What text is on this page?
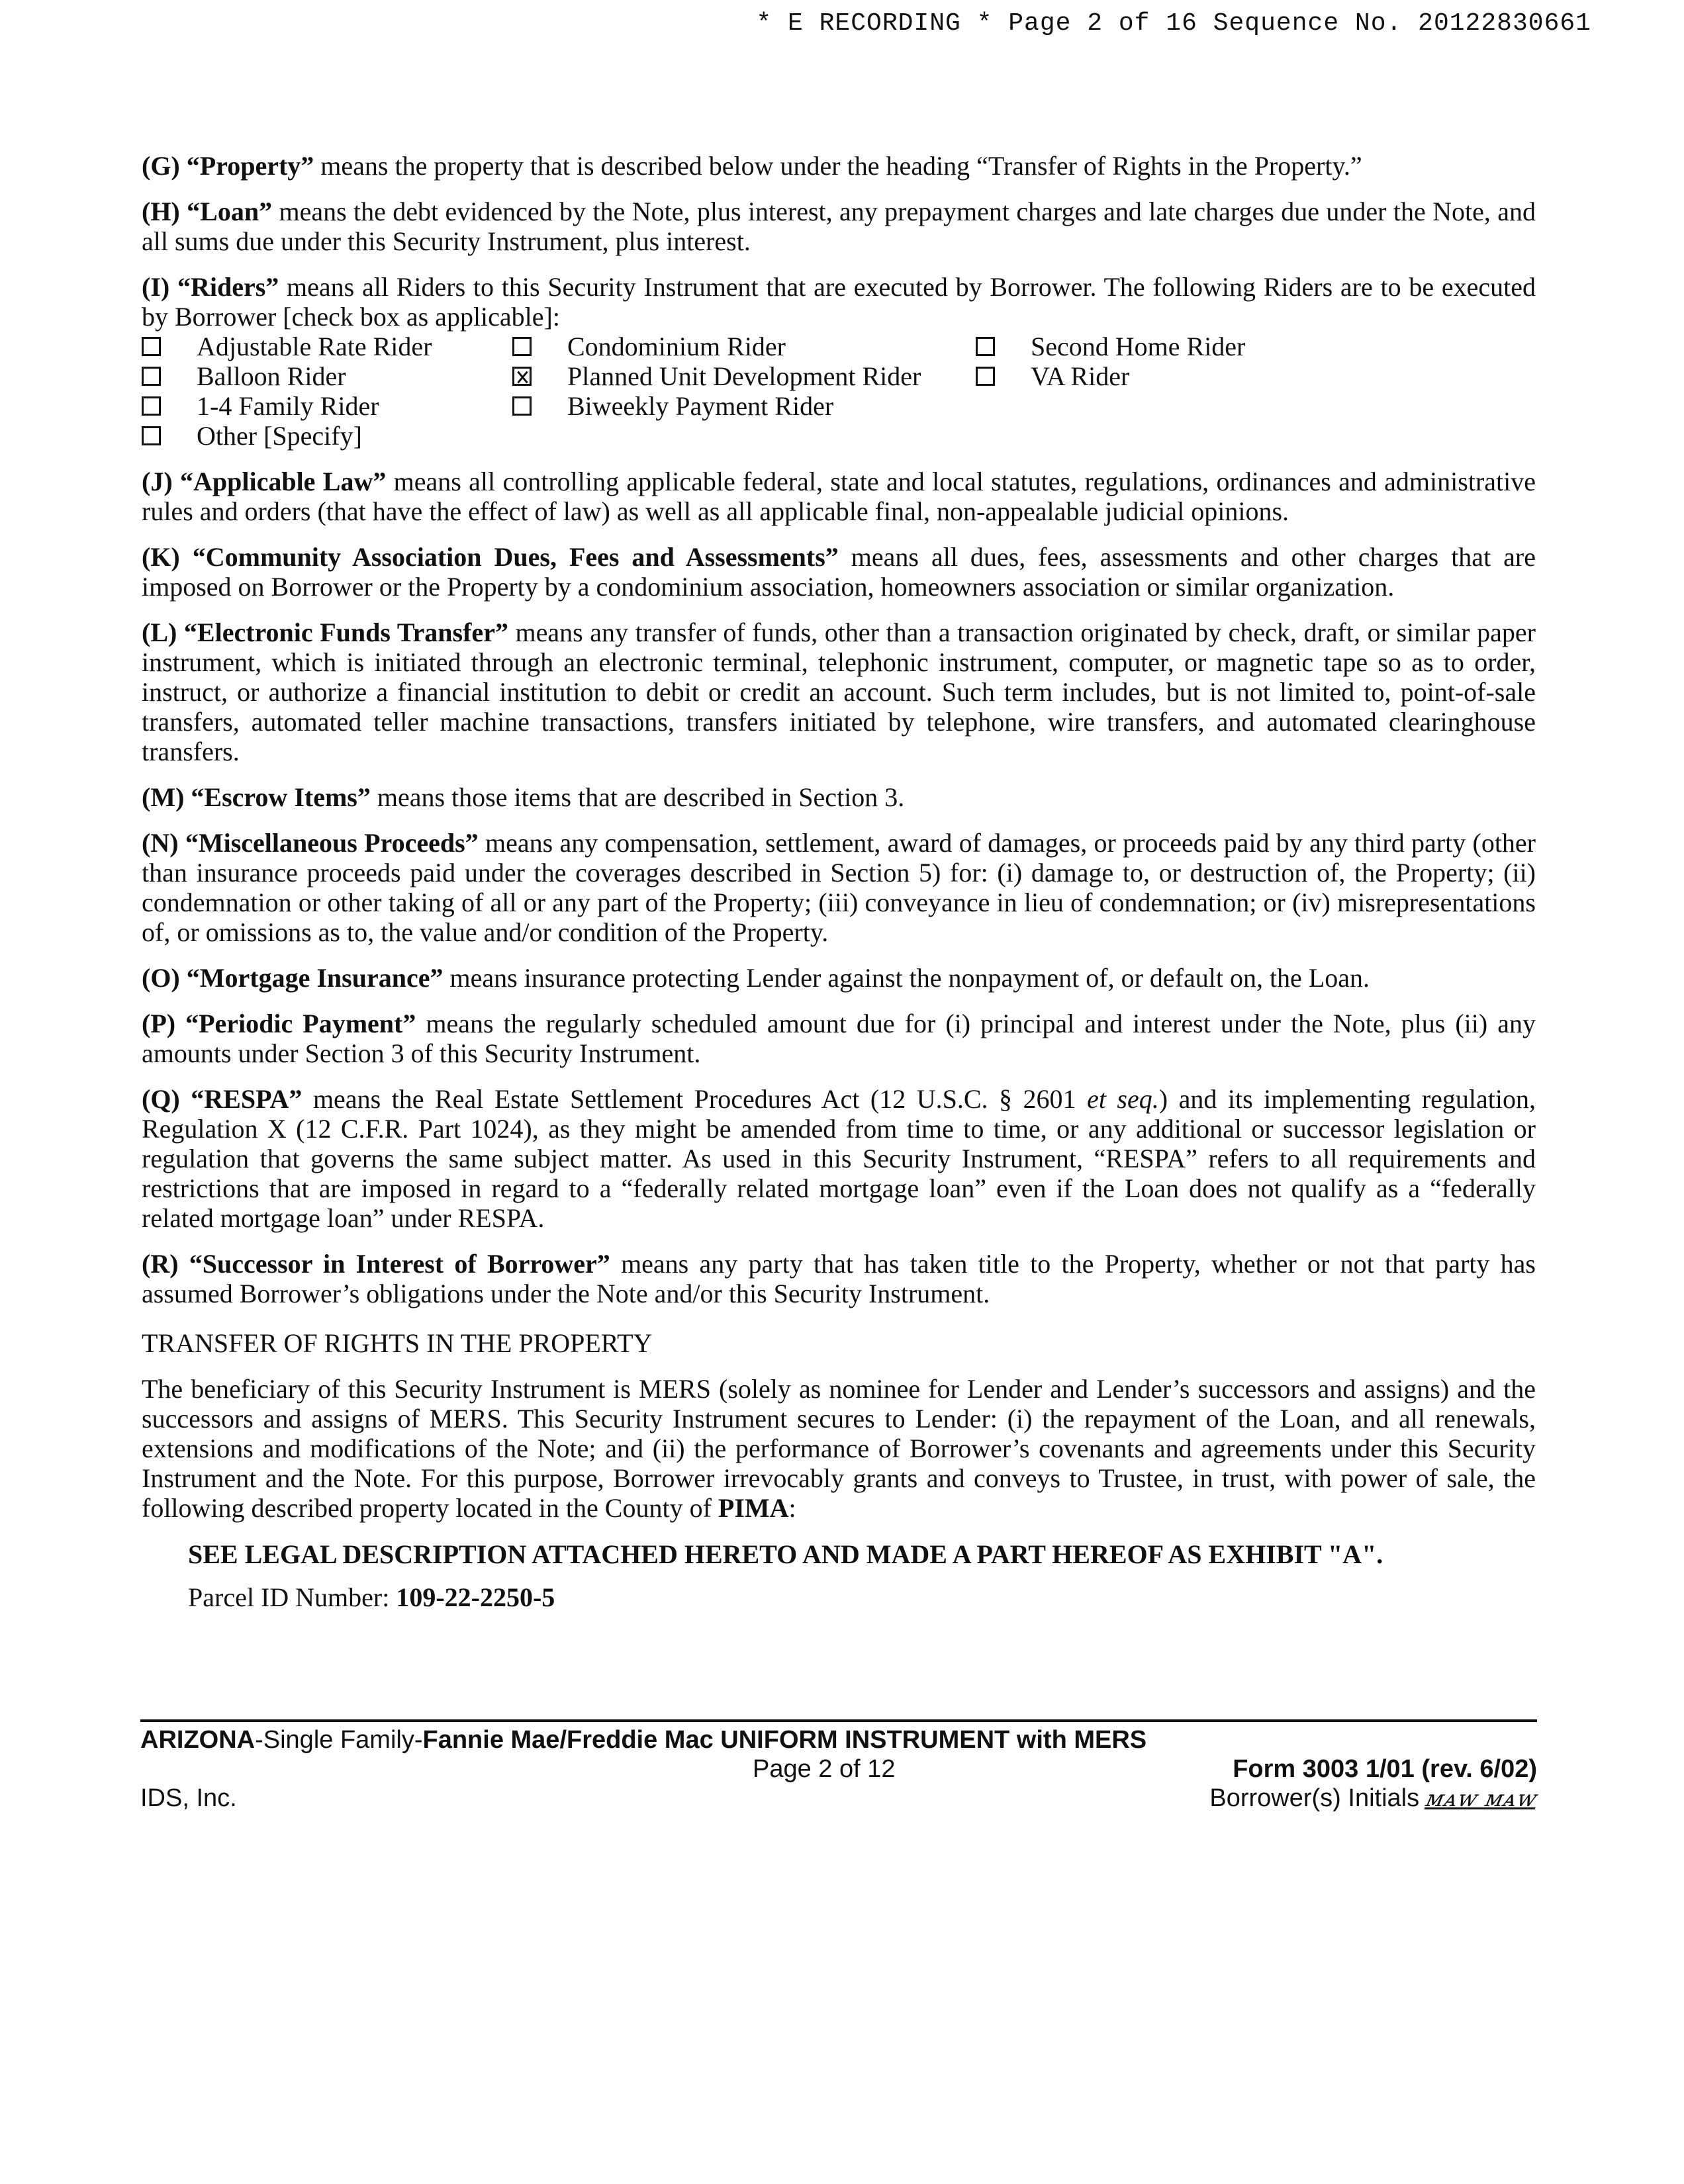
* E RECORDING * Page 2 of 16 Sequence No. 20122830661

(G) “Property” means the property that is described below under the heading “Transfer of Rights in the Property.”

(H) “Loan” means the debt evidenced by the Note, plus interest, any prepayment charges and late charges due under the Note, and all sums due under this Security Instrument, plus interest.

(I) “Riders” means all Riders to this Security Instrument that are executed by Borrower. The following Riders are to be executed by Borrower [check box as applicable]:

Adjustable Rate Rider	Condominium Rider	Second Home Rider
Balloon Rider	Planned Unit Development Rider	VA Rider
1-4 Family Rider	Biweekly Payment Rider
Other [Specify]

(J) “Applicable Law” means all controlling applicable federal, state and local statutes, regulations, ordinances and administrative rules and orders (that have the effect of law) as well as all applicable final, non-appealable judicial opinions.

(K) “Community Association Dues, Fees and Assessments” means all dues, fees, assessments and other charges that are imposed on Borrower or the Property by a condominium association, homeowners association or similar organization.

(L) “Electronic Funds Transfer” means any transfer of funds, other than a transaction originated by check, draft, or similar paper instrument, which is initiated through an electronic terminal, telephonic instrument, computer, or magnetic tape so as to order, instruct, or authorize a financial institution to debit or credit an account. Such term includes, but is not limited to, point-of-sale transfers, automated teller machine transactions, transfers initiated by telephone, wire transfers, and automated clearinghouse transfers.

(M) “Escrow Items” means those items that are described in Section 3.

(N) “Miscellaneous Proceeds” means any compensation, settlement, award of damages, or proceeds paid by any third party (other than insurance proceeds paid under the coverages described in Section 5) for: (i) damage to, or destruction of, the Property; (ii) condemnation or other taking of all or any part of the Property; (iii) conveyance in lieu of condemnation; or (iv) misrepresentations of, or omissions as to, the value and/or condition of the Property.

(O) “Mortgage Insurance” means insurance protecting Lender against the nonpayment of, or default on, the Loan.

(P) “Periodic Payment” means the regularly scheduled amount due for (i) principal and interest under the Note, plus (ii) any amounts under Section 3 of this Security Instrument.

(Q) “RESPA” means the Real Estate Settlement Procedures Act (12 U.S.C. § 2601 et seq.) and its implementing regulation, Regulation X (12 C.F.R. Part 1024), as they might be amended from time to time, or any additional or successor legislation or regulation that governs the same subject matter. As used in this Security Instrument, “RESPA” refers to all requirements and restrictions that are imposed in regard to a “federally related mortgage loan” even if the Loan does not qualify as a “federally related mortgage loan” under RESPA.

(R) “Successor in Interest of Borrower” means any party that has taken title to the Property, whether or not that party has assumed Borrower’s obligations under the Note and/or this Security Instrument.

TRANSFER OF RIGHTS IN THE PROPERTY

The beneficiary of this Security Instrument is MERS (solely as nominee for Lender and Lender’s successors and assigns) and the successors and assigns of MERS. This Security Instrument secures to Lender: (i) the repayment of the Loan, and all renewals, extensions and modifications of the Note; and (ii) the performance of Borrower’s covenants and agreements under this Security Instrument and the Note. For this purpose, Borrower irrevocably grants and conveys to Trustee, in trust, with power of sale, the following described property located in the County of PIMA:

SEE LEGAL DESCRIPTION ATTACHED HERETO AND MADE A PART HEREOF AS EXHIBIT "A".
Parcel ID Number: 109-22-2250-5
ARIZONA-Single Family-Fannie Mae/Freddie Mac UNIFORM INSTRUMENT with MERS
Page 2 of 12	Form 3003 1/01 (rev. 6/02)
IDS, Inc.	Borrower(s) Initials ᴍᴀᴡ ᴍᴀᴡ
